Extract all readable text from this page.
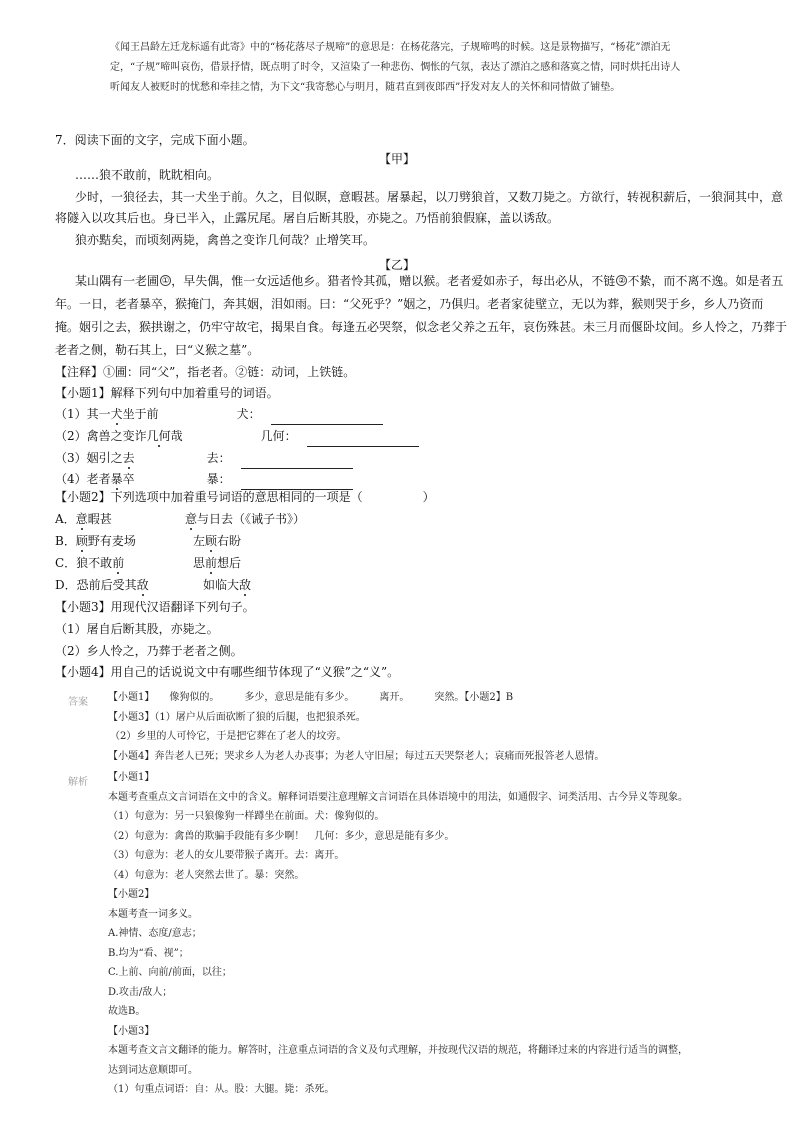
《闻王昌龄左迁龙标遥有此寄》中的“杨花落尽子规啼”的意思是：在杨花落完，子规啼鸣的时候。这是景物描写，“杨花”漂泊无
定，“子规”啼叫哀伤，借景抒情，既点明了时令，又渲染了一种悲伤、惆怅的气氛，表达了漂泊之感和落寞之情，同时烘托出诗人
听闻友人被贬时的忧愁和牵挂之情，为下文“我寄愁心与明月，随君直到夜郎西”抒发对友人的关怀和同情做了铺垫。
7．阅读下面的文字，完成下面小题。
【甲】
……狼不敢前，眈眈相向。
少时，一狼径去，其一犬坐于前。久之，目似瞑，意暇甚。屠暴起，以刀劈狼首，又数刀毙之。方欲行，转视积薪后，一狼洞其中，意
将隧入以攻其后也。身已半入，止露尻尾。屠自后断其股，亦毙之。乃悟前狼假寐，盖以诱敌。
狼亦黠矣，而顷刻两毙，禽兽之变诈几何哉？止增笑耳。
【乙】
某山隅有一老圃 ① ，早失偶，惟一女远适他乡。猎者怜其孤，赠以猴。老者爱如赤子，每出必从，不链 ② 不絷，而不离不逸。如是者五
年。一日，老者暴卒，猴掩门，奔其姻，泪如雨。曰：“父死乎？”姻之，乃俱归。老者家徒壁立，无以为葬，猴则哭于乡，乡人乃资而
掩。姻引之去，猴拱谢之，仍牢守故宅，揭果自食。每逢五必哭祭，似念老父养之五年，哀伤殊甚。未三月而偃卧坟间。乡人怜之，乃葬于
老者之侧，勒石其上，曰“义猴之墓”。
【注释】①圃：同“父”，指老者。②链：动词，上铁链。
【小题1】解释下列句中加着重号的词语。
（1）其一犬坐于前	犬：
（2）禽兽之变诈几何哉	几何：
（3）姻引之去	去：
（4）老者暴卒	暴：
【小题2】下列选项中加着重号词语的意思相同的一项是（　　　　　）
A．意暇甚	意与日去（《诫子书》）
B．顾野有麦场	左顾右盼
C．狼不敢前	思前想后
D．恐前后受其敌	如临大敌
【小题3】用现代汉语翻译下列句子。
（1）屠自后断其股，亦毙之。
（2）乡人怜之，乃葬于老者之侧。
【小题4】用自己的话说说文中有哪些细节体现了“义猴”之“义”。
答案 【小题1】　　像狗似的。　　　多少，意思是能有多少。　　　离开。　　　突然。【小题2】B
【小题3】（1）屠户从后面砍断了狼的后腿，也把狼杀死。
（2）乡里的人可怜它，于是把它葬在了老人的坟旁。
【小题4】奔告老人已死；哭求乡人为老人办丧事；为老人守旧屋；每过五天哭祭老人；哀痛而死报答老人恩情。
解析 【小题1】
本题考查重点文言词语在文中的含义。解释词语要注意理解文言词语在具体语境中的用法，如通假字、词类活用、古今异义等现象。
（1）句意为：另一只狼像狗一样蹲坐在前面。犬：像狗似的。
（2）句意为：禽兽的欺骗手段能有多少啊！　几何：多少，意思是能有多少。
（3）句意为：老人的女儿要带猴子离开。去：离开。
（4）句意为：老人突然去世了。暴：突然。
【小题2】
本题考查一词多义。
A.神情、态度/意志；
B.均为“看、视”；
C.上前、向前/前面，以往；
D.攻击/敌人；
故选B。
【小题3】
本题考查文言文翻译的能力。解答时，注意重点词语的含义及句式理解，并按现代汉语的规范，将翻译过来的内容进行适当的调整，
达到词达意顺即可。
（1）句重点词语：自：从。股：大腿。毙：杀死。
